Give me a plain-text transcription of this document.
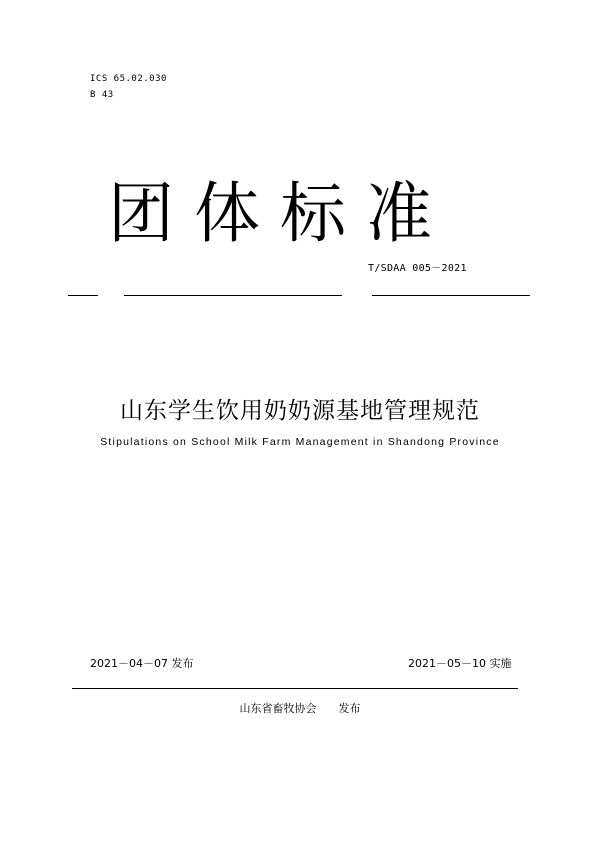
ICS 65.02.030
B 43
团体标准
T/SDAA 005－2021
山东学生饮用奶奶源基地管理规范
Stipulations on School Milk Farm Management in Shandong Province
2021－04－07 发布	2021－05－10 实施
山东省畜牧协会 发布
